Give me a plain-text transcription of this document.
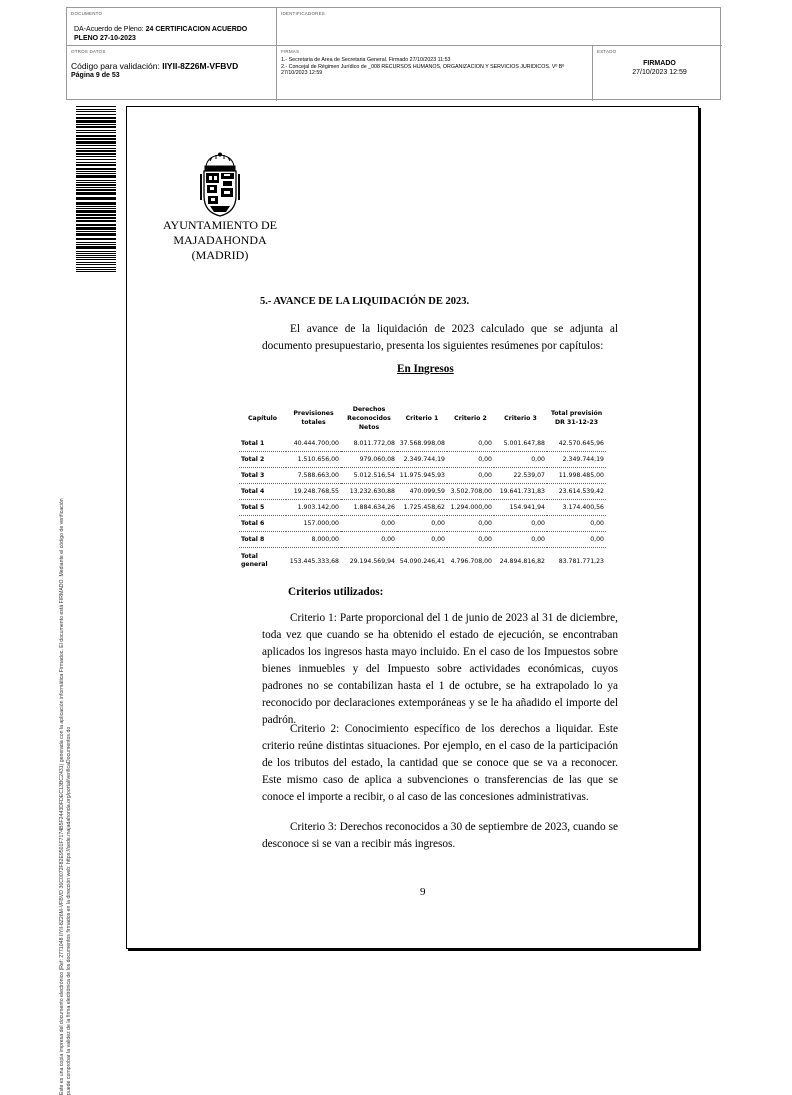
DOCUMENTO
DA-Acuerdo de Pleno: 24 CERTIFICACION ACUERDO
PLENO 27-10-2023
IDENTIFICADORES
OTROS DATOS
Código para validación: IIYII-8Z26M-VFBVD
Página 9 de 53
FIRMAS
1.- Secretaria de Area de Secretaria General. Firmado 27/10/2023 11:53
2.- Concejal de Régimen Jurídico de _008 RECURSOS HUMANOS, ORGANIZACIÓN Y SERVICIOS JURIDICOS. Vº Bº
27/10/2023 12:59
ESTADO
FIRMADO
27/10/2023 12:59
Este es una copia impresa del documento electrónico (Ref: 2771048 IIYII-8Z26M-VFBVD 36C0072F82E9501F7174B5F2443DFDEC13BC2431) generada con la aplicación informática Firmadoc. El documento está FIRMADO. Mediante el código de verificación puede comprobar la validez de la firma electrónica de los documentos firmados en la dirección web: https://sede.majadahonda.org/portal/verificaDocumentos.do
AYUNTAMIENTO DE
MAJADAHONDA
(MADRID)
5.- AVANCE DE LA LIQUIDACIÓN DE 2023.
El avance de la liquidación de 2023 calculado que se adjunta al documento presupuestario, presenta los siguientes resúmenes por capítulos:
En Ingresos
Capítulo	Previsiones totales	Derechos Reconocidos Netos	Criterio 1	Criterio 2	Criterio 3	Total previsión DR 31-12-23
Total 1	40.444.700,00	8.011.772,08	37.568.998,08	0,00	5.001.647,88	42.570.645,96
Total 2	1.510.656,00	979.060,08	2.349.744,19	0,00	0,00	2.349.744,19
Total 3	7.588.663,00	5.012.516,54	11.975.945,93	0,00	22.539,07	11.998.485,00
Total 4	19.248.768,55	13.232.630,88	470.099,59	3.502.708,00	19.641.731,83	23.614.539,42
Total 5	1.903.142,00	1.884.634,26	1.725.458,62	1.294.000,00	154.941,94	3.174.400,56
Total 6	157.000,00	0,00	0,00	0,00	0,00	0,00
Total 8	8.000,00	0,00	0,00	0,00	0,00	0,00
Total
general	153.445.333,68	29.194.569,94	54.090.246,41	4.796.708,00	24.894.816,82	83.781.771,23
Criterios utilizados:
Criterio 1: Parte proporcional del 1 de junio de 2023 al 31 de diciembre, toda vez que cuando se ha obtenido el estado de ejecución, se encontraban aplicados los ingresos hasta mayo incluido. En el caso de los Impuestos sobre bienes inmuebles y del Impuesto sobre actividades económicas, cuyos padrones no se contabilizan hasta el 1 de octubre, se ha extrapolado lo ya reconocido por declaraciones extemporáneas y se le ha añadido el importe del padrón.
Criterio 2: Conocimiento específico de los derechos a liquidar. Este criterio reúne distintas situaciones. Por ejemplo, en el caso de la participación de los tributos del estado, la cantidad que se conoce que se va a reconocer. Este mismo caso de aplica a subvenciones o transferencias de las que se conoce el importe a recibir, o al caso de las concesiones administrativas.
Criterio 3: Derechos reconocidos a 30 de septiembre de 2023, cuando se desconoce si se van a recibir más ingresos.
9
